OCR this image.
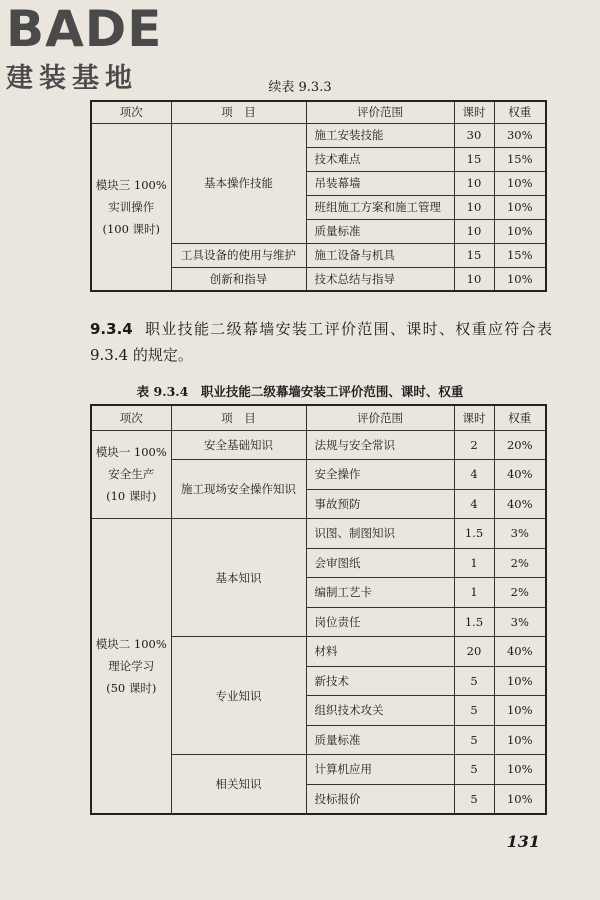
BADE
建装基地	续表 9.3.3
项次	项　目	评价范围	课时	权重

模块三 100%
实训操作
(100 课时)	基本操作技能	施工安装技能	30	30%
		技术难点	15	15%
		吊装幕墙	10	10%
		班组施工方案和施工管理	10	10%
		质量标准	10	10%
	工具设备的使用与维护	施工设备与机具	15	15%
	创新和指导	技术总结与指导	10	10%
9.3.4 职业技能二级幕墙安装工评价范围、课时、权重应符合表 9.3.4 的规定。
表 9.3.4　职业技能二级幕墙安装工评价范围、课时、权重
项次	项　目	评价范围	课时	权重

模块一 100%
安全生产
(10 课时)	安全基础知识	法规与安全常识	2	20%
	施工现场安全操作知识	安全操作	4	40%
		事故预防	4	40%

模块二 100%
理论学习
(50 课时)	基本知识	识图、制图知识	1.5	3%
		会审图纸	1	2%
		编制工艺卡	1	2%
		岗位责任	1.5	3%
	专业知识	材料	20	40%
		新技术	5	10%
		组织技术攻关	5	10%
		质量标准	5	10%
	相关知识	计算机应用	5	10%
		投标报价	5	10%
131
